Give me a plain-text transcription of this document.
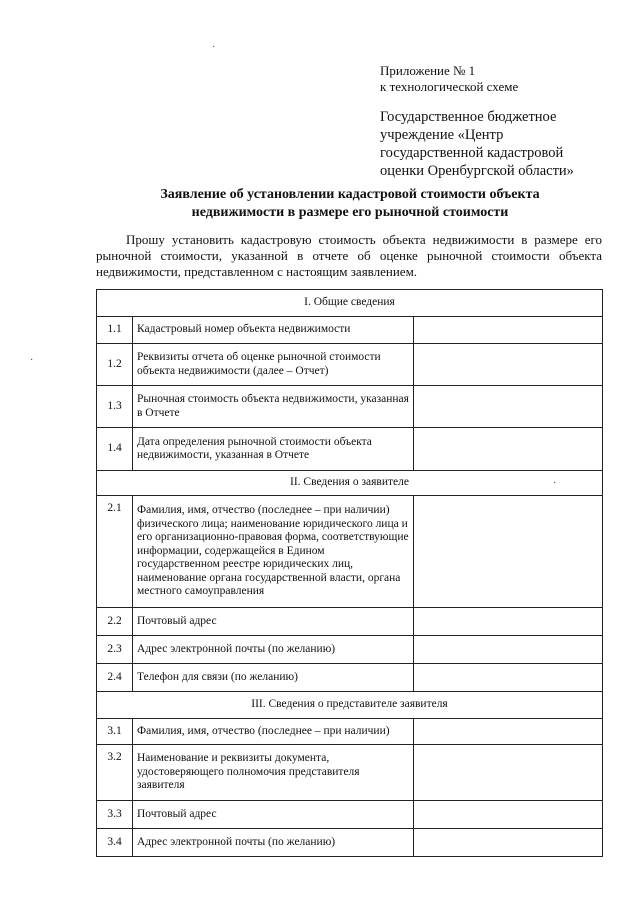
Приложение № 1
к технологической схеме
Государственное бюджетное
учреждение «Центр
государственной кадастровой
оценки Оренбургской области»
Заявление об установлении кадастровой стоимости объекта
недвижимости в размере его рыночной стоимости
Прошу установить кадастровую стоимость объекта недвижимости в размере его рыночной стоимости, указанной в отчете об оценке рыночной стоимости объекта недвижимости, представленном с настоящим заявлением.
I. Общие сведения		
1.1	Кадастровый номер объекта недвижимости	
1.2	Реквизиты отчета об оценке рыночной стоимости объекта недвижимости (далее – Отчет)	
1.3	Рыночная стоимость объекта недвижимости, указанная в Отчете	
1.4	Дата определения рыночной стоимости объекта недвижимости, указанная в Отчете	
II. Сведения о заявителе		
2.1	Фамилия, имя, отчество (последнее – при наличии) физического лица; наименование юридического лица и его организационно-правовая форма, соответствующие информации, содержащейся в Едином государственном реестре юридических лиц, наименование органа государственной власти, органа местного самоуправления	
2.2	Почтовый адрес	
2.3	Адрес электронной почты (по желанию)	
2.4	Телефон для связи (по желанию)	
III. Сведения о представителе заявителя		
3.1	Фамилия, имя, отчество (последнее – при наличии)	
3.2	Наименование и реквизиты документа, удостоверяющего полномочия представителя заявителя	
3.3	Почтовый адрес	
3.4	Адрес электронной почты (по желанию)	
·
·
·
